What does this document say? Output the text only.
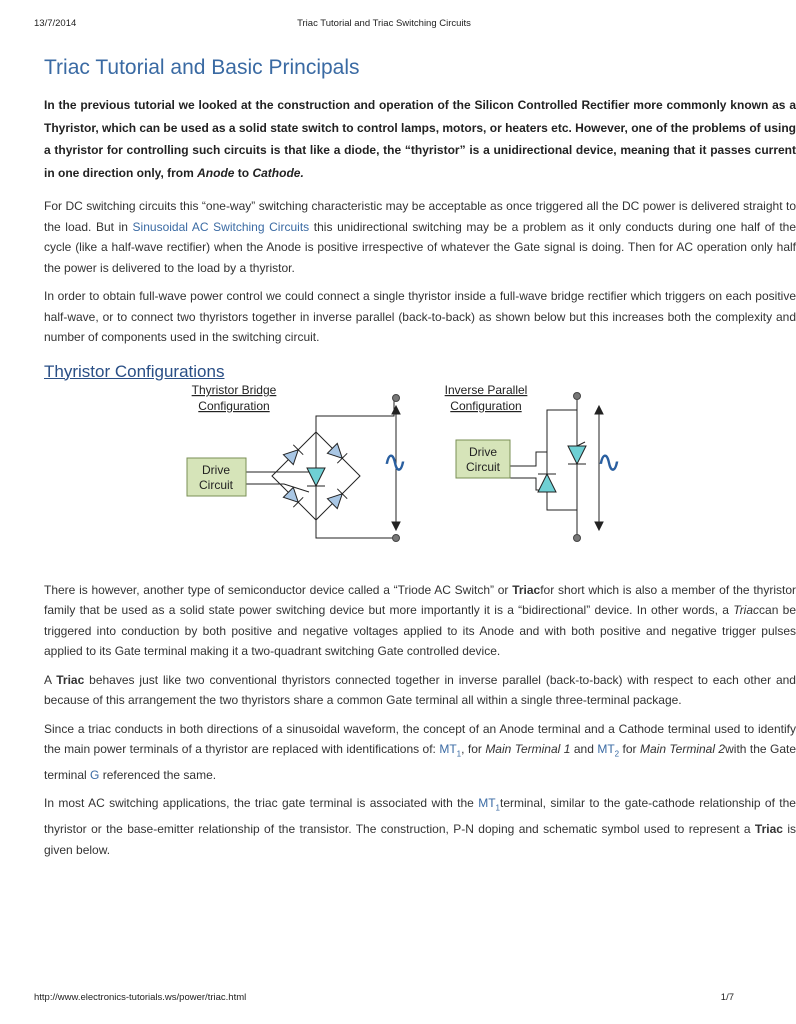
13/7/2014	Triac Tutorial and Triac Switching Circuits
Triac Tutorial and Basic Principals

In the previous tutorial we looked at the construction and operation of the Silicon Controlled Rectifier more commonly known as a Thyristor, which can be used as a solid state switch to control lamps, motors, or heaters etc. However, one of the problems of using a thyristor for controlling such circuits is that like a diode, the “thyristor” is a unidirectional device, meaning that it passes current in one direction only, from Anode to Cathode.

For DC switching circuits this “one-way” switching characteristic may be acceptable as once triggered all the DC power is delivered straight to the load. But in Sinusoidal AC Switching Circuits this unidirectional switching may be a problem as it only conducts during one half of the cycle (like a half-wave rectifier) when the Anode is positive irrespective of whatever the Gate signal is doing. Then for AC operation only half the power is delivered to the load by a thyristor.

In order to obtain full-wave power control we could connect a single thyristor inside a full-wave bridge rectifier which triggers on each positive half-wave, or to connect two thyristors together in inverse parallel (back-to-back) as shown below but this increases both the complexity and number of components used in the switching circuit.

Thyristor Configurations
Thyristor Bridge
Configuration
Inverse Parallel
Configuration
Drive
Circuit
Drive
Circuit
∿	∿

There is however, another type of semiconductor device called a “Triode AC Switch” or Triacfor short which is also a member of the thyristor family that be used as a solid state power switching device but more importantly it is a “bidirectional” device. In other words, a Triaccan be triggered into conduction by both positive and negative voltages applied to its Anode and with both positive and negative trigger pulses applied to its Gate terminal making it a two-quadrant switching Gate controlled device.

A Triac behaves just like two conventional thyristors connected together in inverse parallel (back-to-back) with respect to each other and because of this arrangement the two thyristors share a common Gate terminal all within a single three-terminal package.

Since a triac conducts in both directions of a sinusoidal waveform, the concept of an Anode terminal and a Cathode terminal used to identify the main power terminals of a thyristor are replaced with identifications of: $MT_1$, for Main Terminal 1 and $MT_2$ for Main Terminal 2with the Gate terminal G referenced the same.

In most AC switching applications, the triac gate terminal is associated with the $MT_1terminal$, similar to the gate-cathode relationship of the thyristor or the base-emitter relationship of the transistor. The construction, P-N doping and schematic symbol used to represent a Triac is given below.

http://www.electronics-tutorials.ws/power/triac.html	1/7
